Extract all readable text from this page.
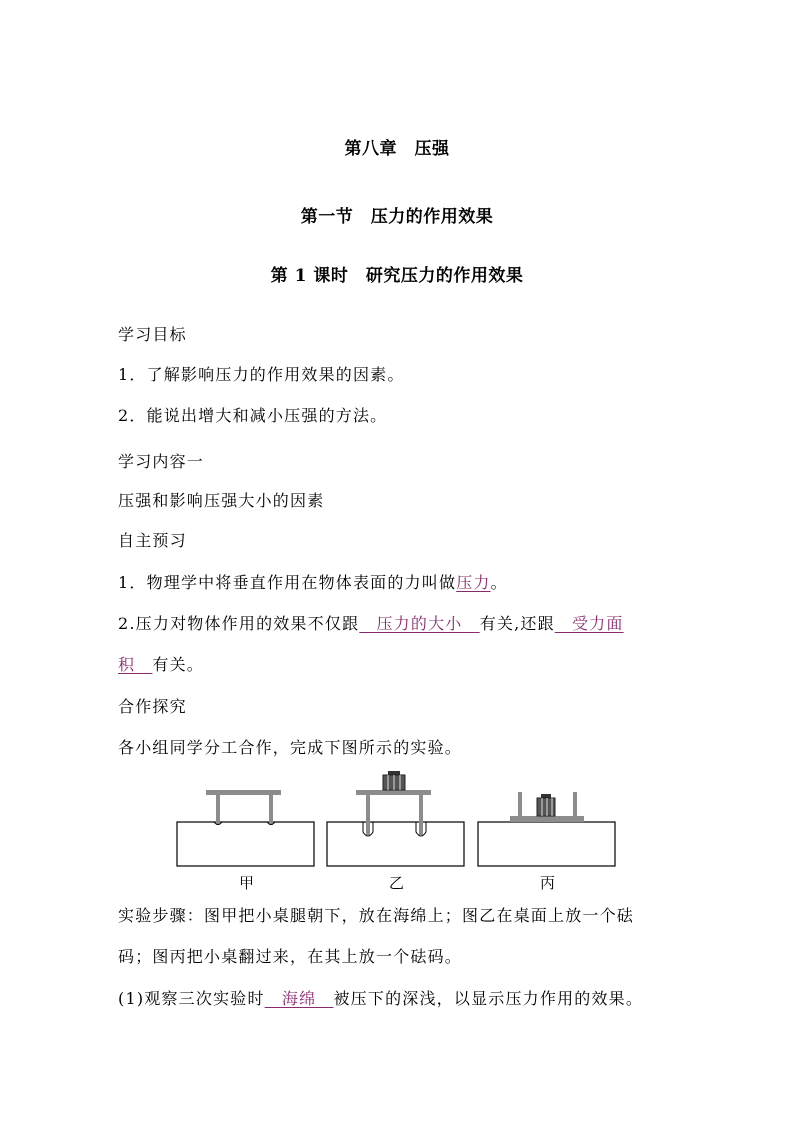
第八章　压强
第一节　压力的作用效果
第 1 课时　研究压力的作用效果
学习目标
1．了解影响压力的作用效果的因素。
2．能说出增大和减小压强的方法。
学习内容一
压强和影响压强大小的因素
自主预习
1．物理学中将垂直作用在物体表面的力叫做压力。
2.压力对物体作用的效果不仅跟　压力的大小　有关,还跟　受力面
积　有关。
合作探究
各小组同学分工合作，完成下图所示的实验。
甲	乙	丙
实验步骤：图甲把小桌腿朝下，放在海绵上；图乙在桌面上放一个砝
码；图丙把小桌翻过来，在其上放一个砝码。
(1)观察三次实验时　海绵　被压下的深浅，以显示压力作用的效果。
